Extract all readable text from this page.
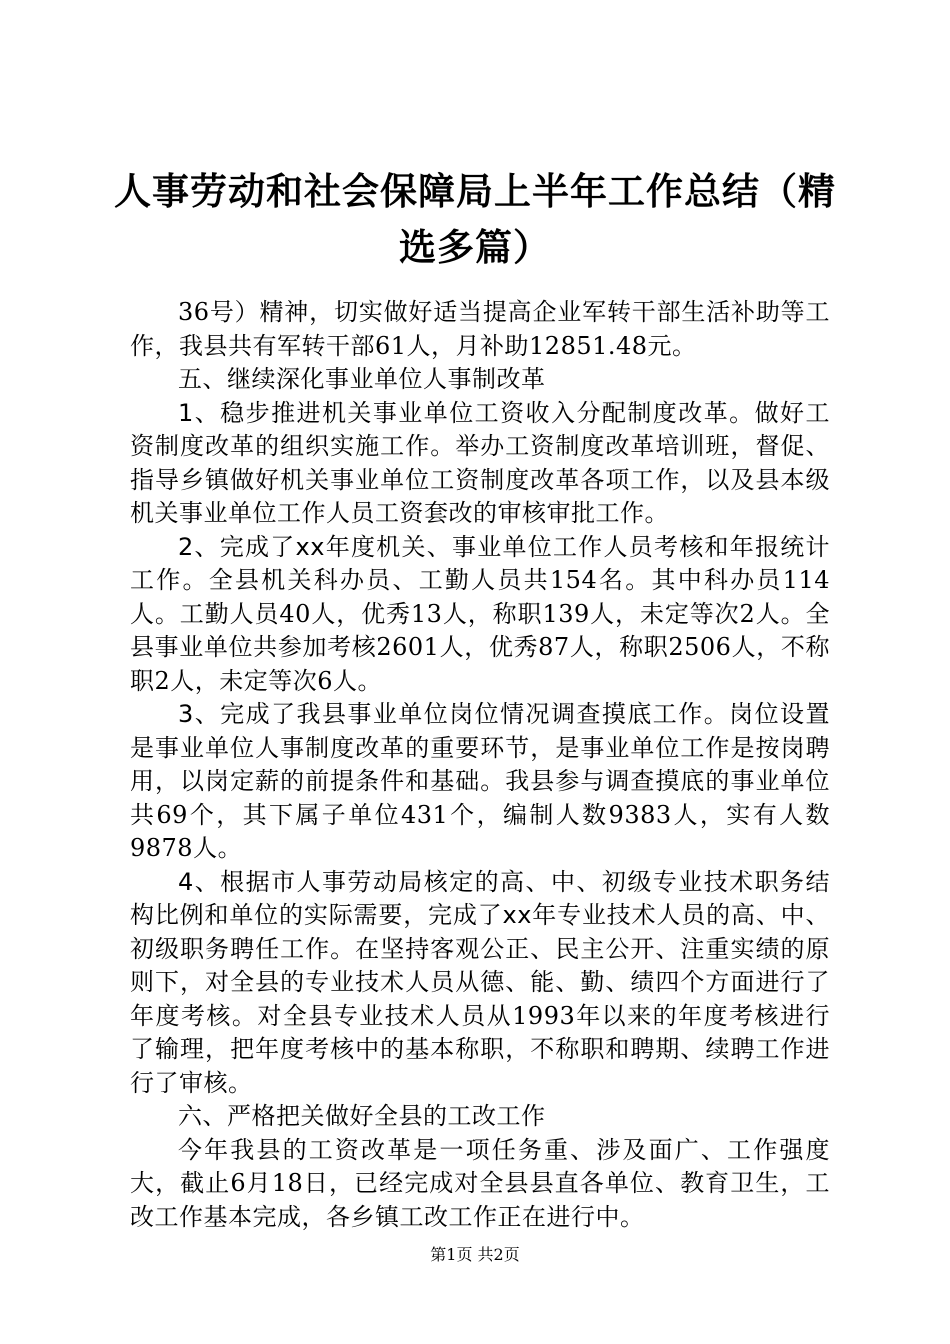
人事劳动和社会保障局上半年工作总结（精选多篇）

36号）精神，切实做好适当提高企业军转干部生活补助等工作，我县共有军转干部61人，月补助12851.48元。

五、继续深化事业单位人事制改革

1、稳步推进机关事业单位工资收入分配制度改革。做好工资制度改革的组织实施工作。举办工资制度改革培训班，督促、指导乡镇做好机关事业单位工资制度改革各项工作，以及县本级机关事业单位工作人员工资套改的审核审批工作。

2、完成了xx年度机关、事业单位工作人员考核和年报统计工作。全县机关科办员、工勤人员共154名。其中科办员114人。工勤人员40人，优秀13人，称职139人，未定等次2人。全县事业单位共参加考核2601人，优秀87人，称职2506人，不称职2人，未定等次6人。

3、完成了我县事业单位岗位情况调查摸底工作。岗位设置是事业单位人事制度改革的重要环节，是事业单位工作是按岗聘用，以岗定薪的前提条件和基础。我县参与调查摸底的事业单位共69个，其下属子单位431个，编制人数9383人，实有人数9878人。

4、根据市人事劳动局核定的高、中、初级专业技术职务结构比例和单位的实际需要，完成了xx年专业技术人员的高、中、初级职务聘任工作。在坚持客观公正、民主公开、注重实绩的原则下，对全县的专业技术人员从德、能、勤、绩四个方面进行了年度考核。对全县专业技术人员从1993年以来的年度考核进行了输理，把年度考核中的基本称职，不称职和聘期、续聘工作进行了审核。

六、严格把关做好全县的工改工作

今年我县的工资改革是一项任务重、涉及面广、工作强度大，截止6月18日，已经完成对全县县直各单位、教育卫生，工改工作基本完成，各乡镇工改工作正在进行中。

第1页 共2页
